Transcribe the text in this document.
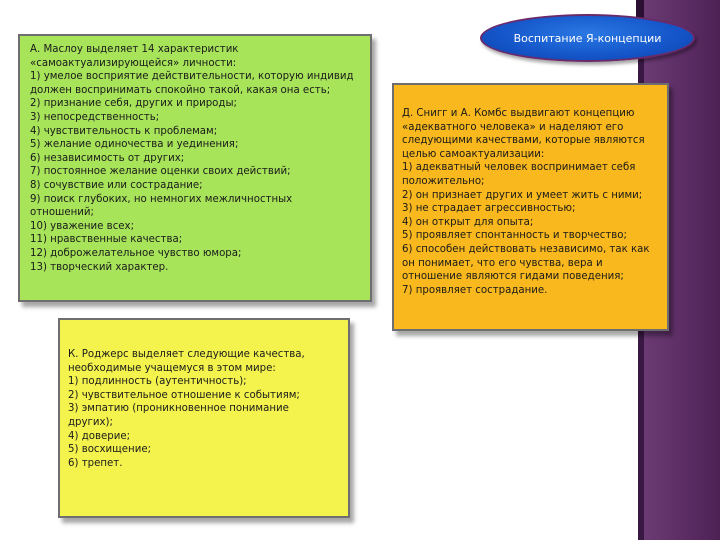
А. Маслоу выделяет 14 характеристик

«самоактуализирующейся» личности:

1) умелое восприятие действительности, которую индивид

должен воспринимать спокойно такой, какая она есть;

2) признание себя, других и природы;

3) непосредственность;

4) чувствительность к проблемам;

5) желание одиночества и уединения;

6) независимость от других;

7) постоянное желание оценки своих действий;

8) сочувствие или сострадание;

9) поиск глубоких, но немногих межличностных

отношений;

10) уважение всех;

11) нравственные качества;

12) доброжелательное чувство юмора;

13) творческий характер.

К. Роджерс выделяет следующие качества,

необходимые учащемуся в этом мире:

1) подлинность (аутентичность);

2) чувствительное отношение к событиям;

3) эмпатию (проникновенное понимание

других);

4) доверие;

5) восхищение;

6) трепет.

Д. Снигг и А. Комбс выдвигают концепцию

«адекватного человека» и наделяют его

следующими качествами, которые являются

целью самоактуализации:

1) адекватный человек воспринимает себя

положительно;

2) он признает других и умеет жить с ними;

3) не страдает агрессивностью;

4) он открыт для опыта;

5) проявляет спонтанность и творчество;

6) способен действовать независимо, так как

он понимает, что его чувства, вера и

отношение являются гидами поведения;

7) проявляет сострадание.

Воспитание Я-концепции
